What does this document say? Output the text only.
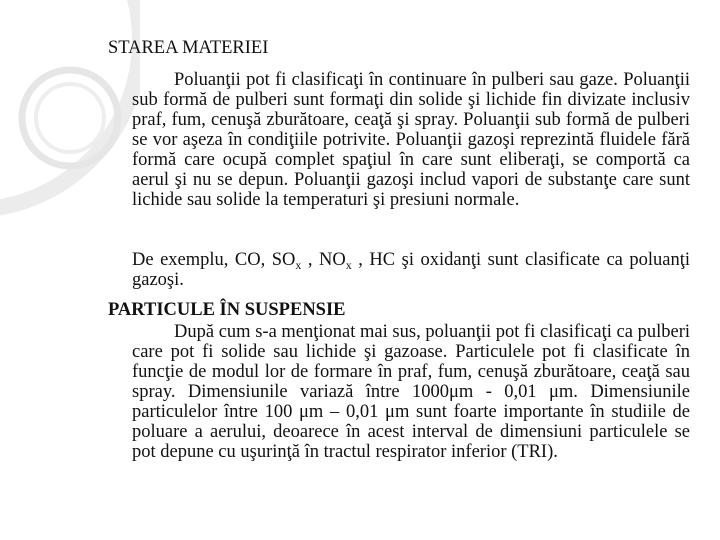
STAREA MATERIEI
Poluanţii pot fi clasificaţi în continuare în pulberi sau gaze. Poluanţii sub formă de pulberi sunt formaţi din solide şi lichide fin divizate inclusiv praf, fum, cenuşă zburătoare, ceaţă şi spray. Poluanţii sub formă de pulberi se vor aşeza în condiţiile potrivite. Poluanţii gazoşi reprezintă fluidele fără formă care ocupă complet spaţiul în care sunt eliberaţi, se comportă ca aerul şi nu se depun. Poluanţii gazoşi includ vapori de substanţe care sunt lichide sau solide la temperaturi şi presiuni normale.
De exemplu, CO, $SO_x$ , $NO_x$ , HC şi oxidanţi sunt clasificate ca poluanţi gazoşi.
PARTICULE ÎN SUSPENSIE
După cum s-a menţionat mai sus, poluanţii pot fi clasificaţi ca pulberi care pot fi solide sau lichide şi gazoase. Particulele pot fi clasificate în funcţie de modul lor de formare în praf, fum, cenuşă zburătoare, ceaţă sau spray. Dimensiunile variază între 1000μm - 0,01 μm. Dimensiunile particulelor între 100 μm – 0,01 μm sunt foarte importante în studiile de poluare a aerului, deoarece în acest interval de dimensiuni particulele se pot depune cu uşurinţă în tractul respirator inferior (TRI).
